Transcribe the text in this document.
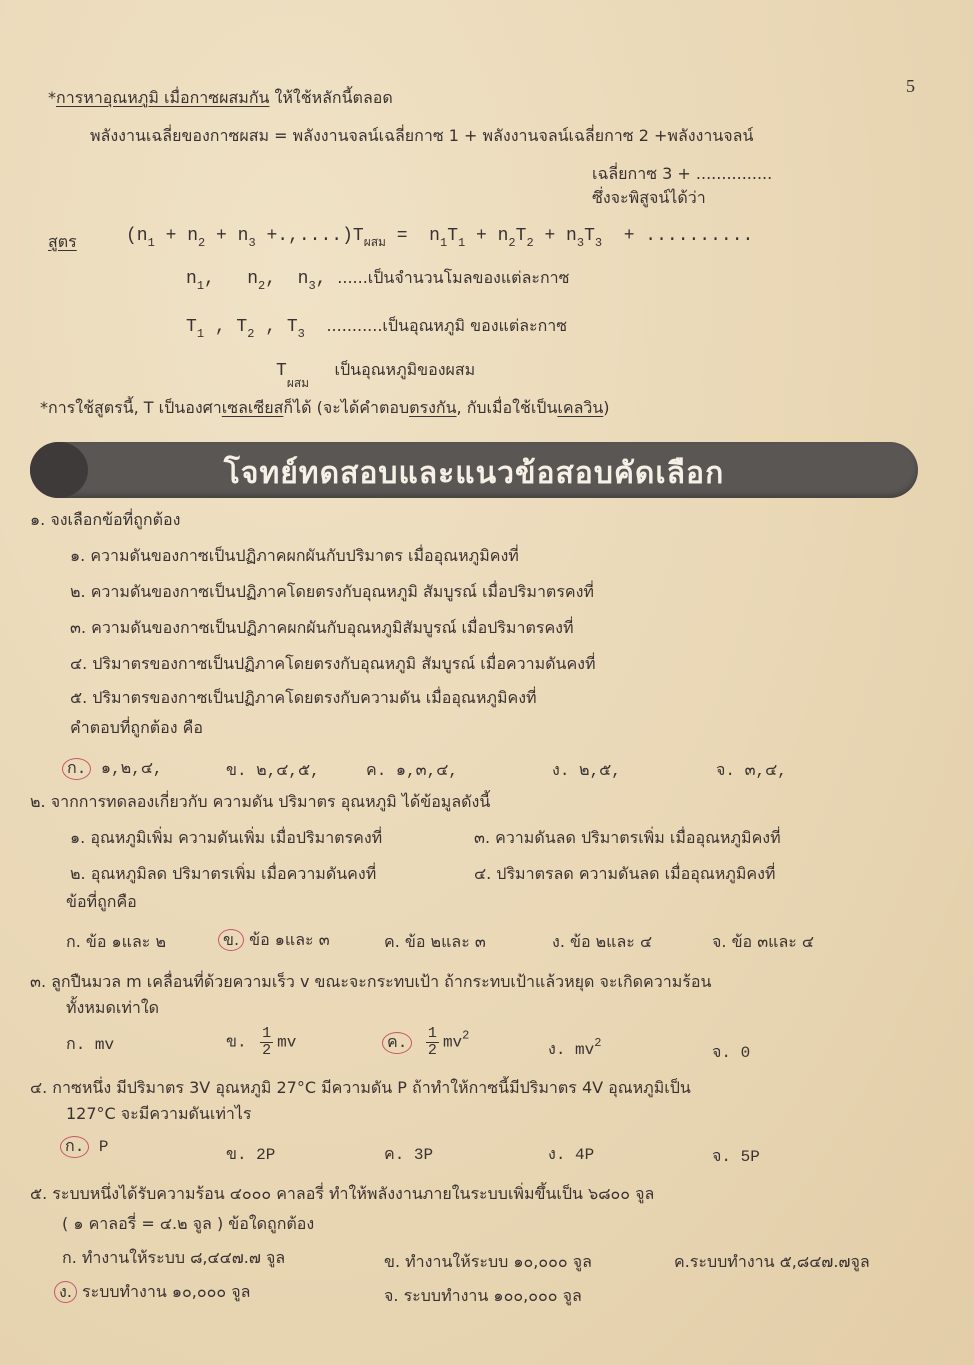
5
*การหาอุณหภูมิ เมื่อกาซผสมกัน ให้ใช้หลักนี้ตลอด
พลังงานเฉลี่ยของกาซผสม = พลังงานจลน์เฉลี่ยกาซ 1 + พลังงานจลน์เฉลี่ยกาซ 2 +พลังงานจลน์
เฉลี่ยกาซ 3 + ...............
ซึ่งจะพิสูจน์ได้ว่า
สูตร	$(n_1 + n_2 + n_3 +.,....)T_{ผสม} = n_1T_1 + n_2T_2 + n_3T_3$ + ..........
$n_1$,   $n_2$,  $n_3$, ......เป็นจำนวนโมลของแต่ละกาซ
$T_1$ , $T_2$ , $T_3$ ...........เป็นอุณหภูมิ ของแต่ละกาซ
$T_{ผสม}$     เป็นอุณหภูมิของผสม
*การใช้สูตรนี้, T เป็นองศาเซลเซียสก็ได้ (จะได้คำตอบตรงกัน, กับเมื่อใช้เป็นเคลวิน)
โจทย์ทดสอบและแนวข้อสอบคัดเลือก
๑. จงเลือกข้อที่ถูกต้อง
๑. ความดันของกาซเป็นปฏิภาคผกผันกับปริมาตร เมื่ออุณหภูมิคงที่
๒. ความดันของกาซเป็นปฏิภาคโดยตรงกับอุณหภูมิ สัมบูรณ์ เมื่อปริมาตรคงที่
๓. ความดันของกาซเป็นปฏิภาคผกผันกับอุณหภูมิสัมบูรณ์ เมื่อปริมาตรคงที่
๔. ปริมาตรของกาซเป็นปฏิภาคโดยตรงกับอุณหภูมิ สัมบูรณ์ เมื่อความดันคงที่
๕. ปริมาตรของกาซเป็นปฏิภาคโดยตรงกับความดัน เมื่ออุณหภูมิคงที่
คำตอบที่ถูกต้อง คือ
ก. ๑,๒,๔,	ข. ๒,๔,๕,	ค. ๑,๓,๔,	ง. ๒,๕,	จ. ๓,๔,
๒. จากการทดลองเกี่ยวกับ ความดัน ปริมาตร อุณหภูมิ ได้ข้อมูลดังนี้
๑. อุณหภูมิเพิ่ม ความดันเพิ่ม เมื่อปริมาตรคงที่	๓. ความดันลด ปริมาตรเพิ่ม เมื่ออุณหภูมิคงที่
๒. อุณหภูมิลด ปริมาตรเพิ่ม เมื่อความดันคงที่	๔. ปริมาตรลด ความดันลด เมื่ออุณหภูมิคงที่
ข้อที่ถูกคือ
ก. ข้อ ๑และ ๒	ข. ข้อ ๑และ ๓	ค. ข้อ ๒และ ๓	ง. ข้อ ๒และ ๔	จ. ข้อ ๓และ ๔
๓. ลูกปืนมวล m เคลื่อนที่ด้วยความเร็ว v ขณะจะกระทบเป้า ถ้ากระทบเป้าแล้วหยุด จะเกิดความร้อน
ทั้งหมดเท่าใด
ก. mv	ข. $\frac{1}{2}$ mv	ค. $\frac{1}{2} mv^2$
ง. $mv^2$
จ. 0
๔. กาซหนึ่ง มีปริมาตร 3V อุณหภูมิ 27°C มีความดัน P ถ้าทำให้กาซนี้มีปริมาตร 4V อุณหภูมิเป็น
127°C จะมีความดันเท่าไร
ก. P	ข. 2P	ค. 3P	ง. 4P	จ. 5P
๕. ระบบหนึ่งได้รับความร้อน ๔๐๐๐ คาลอรี่ ทำให้พลังงานภายในระบบเพิ่มขึ้นเป็น ๖๘๐๐ จูล
( ๑ คาลอรี่ = ๔.๒ จูล ) ข้อใดถูกต้อง
ก. ทำงานให้ระบบ ๘,๔๔๗.๗ จูล	ข. ทำงานให้ระบบ ๑๐,๐๐๐ จูล	ค.ระบบทำงาน ๕,๘๔๗.๗จูล
ง. ระบบทำงาน ๑๐,๐๐๐ จูล	จ. ระบบทำงาน ๑๐๐,๐๐๐ จูล
